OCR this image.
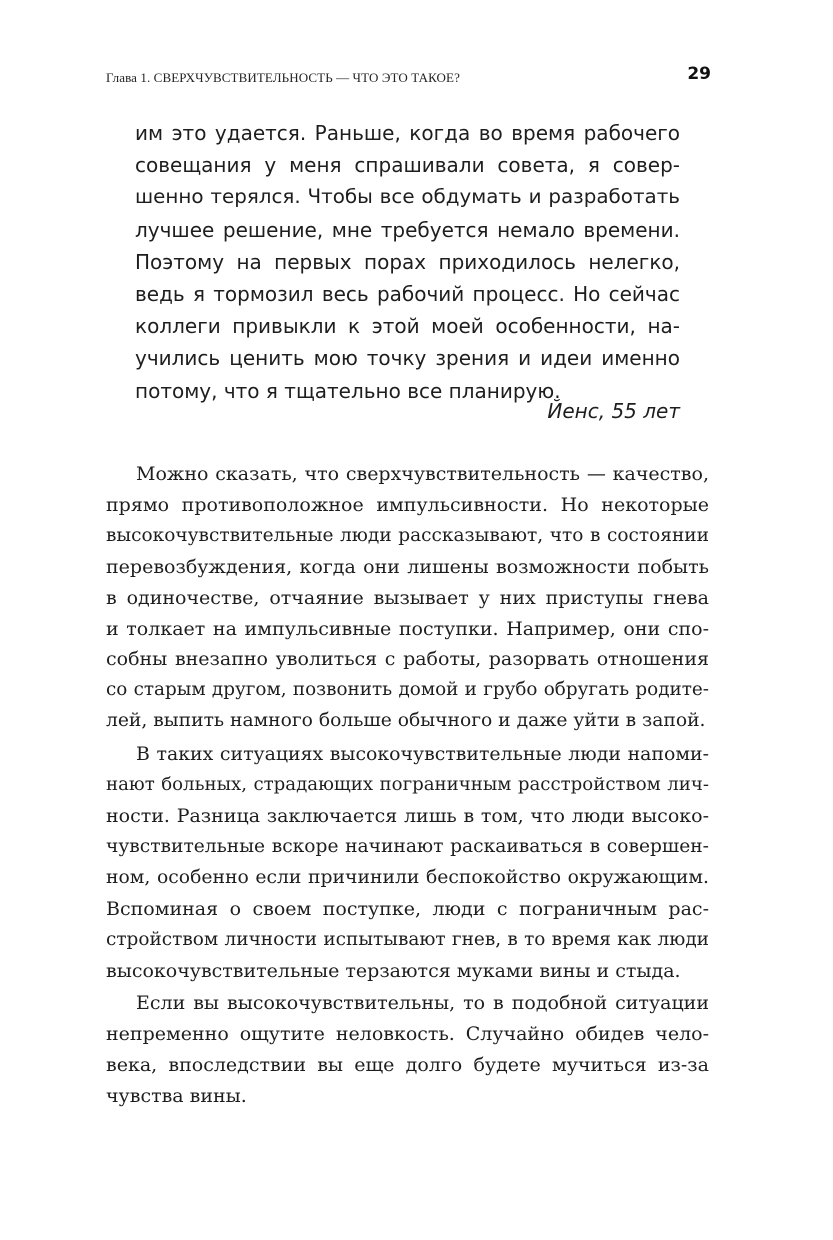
Глава 1. СВЕРХЧУВСТВИТЕЛЬНОСТЬ — ЧТО ЭТО ТАКОЕ?	29
им это удается. Раньше, когда во время рабочего
совещания у меня спрашивали совета, я совер-
шенно терялся. Чтобы все обдумать и разработать
лучшее решение, мне требуется немало времени.
Поэтому на первых порах приходилось нелегко,
ведь я тормозил весь рабочий процесс. Но сейчас
коллеги привыкли к этой моей особенности, на-
учились ценить мою точку зрения и идеи именно
потому, что я тщательно все планирую.
Йенс, 55 лет
Можно сказать, что сверхчувствительность — качество,
прямо противоположное импульсивности. Но некоторые
высокочувствительные люди рассказывают, что в состоянии
перевозбуждения, когда они лишены возможности побыть
в одиночестве, отчаяние вызывает у них приступы гнева
и толкает на импульсивные поступки. Например, они спо-
собны внезапно уволиться с работы, разорвать отношения
со старым другом, позвонить домой и грубо обругать родите-
лей, выпить намного больше обычного и даже уйти в запой.
В таких ситуациях высокочувствительные люди напоми-
нают больных, страдающих пограничным расстройством лич-
ности. Разница заключается лишь в том, что люди высоко-
чувствительные вскоре начинают раскаиваться в совершен-
ном, особенно если причинили беспокойство окружающим.
Вспоминая о своем поступке, люди с пограничным рас-
стройством личности испытывают гнев, в то время как люди
высокочувствительные терзаются муками вины и стыда.
Если вы высокочувствительны, то в подобной ситуации
непременно ощутите неловкость. Случайно обидев чело-
века, впоследствии вы еще долго будете мучиться из-за
чувства вины.
